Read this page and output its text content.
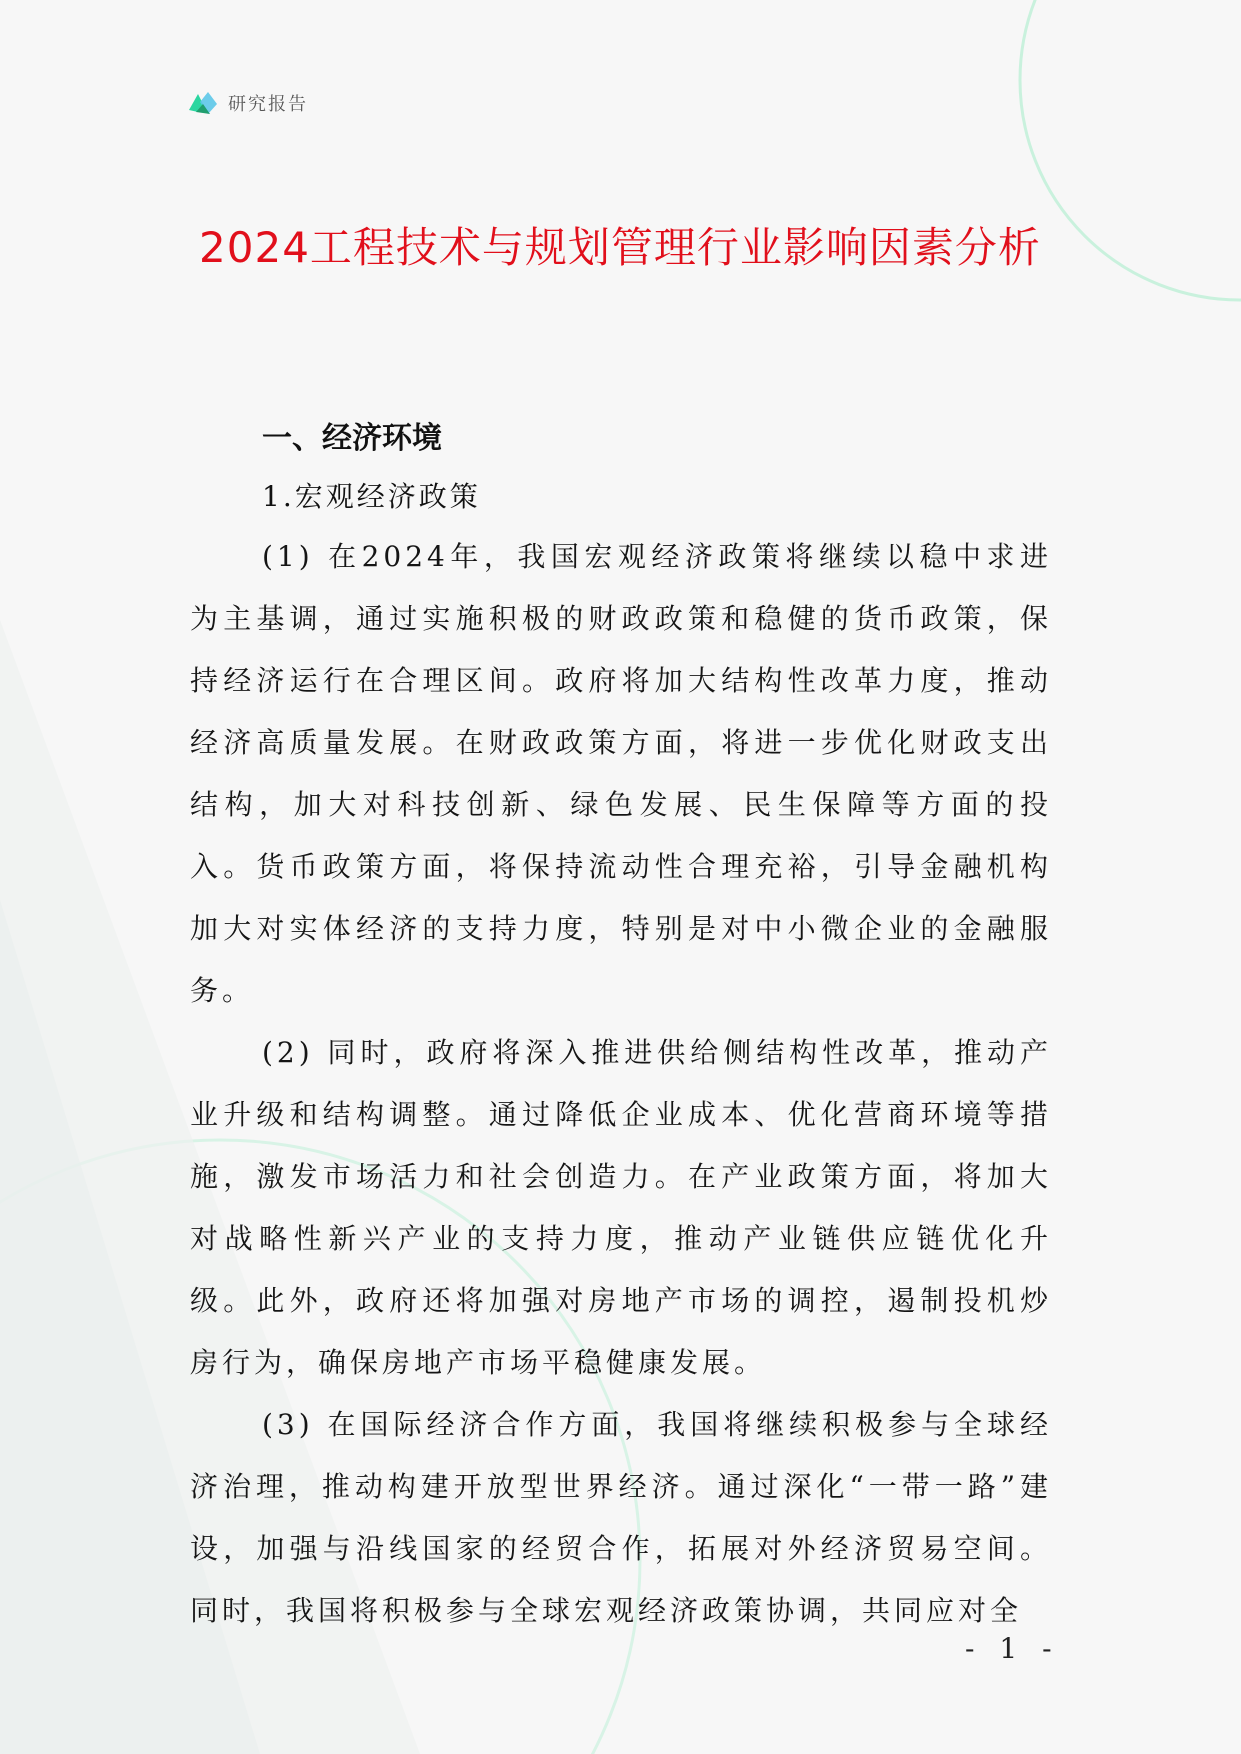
研究报告
2024工程技术与规划管理行业影响因素分析
一、经济环境
1.宏观经济政策

(1) 在2024年，我国宏观经济政策将继续以稳中求进为主基调，通过实施积极的财政政策和稳健的货币政策，保持经济运行在合理区间。政府将加大结构性改革力度，推动经济高质量发展。在财政政策方面，将进一步优化财政支出结构，加大对科技创新、绿色发展、民生保障等方面的投入。货币政策方面，将保持流动性合理充裕，引导金融机构加大对实体经济的支持力度，特别是对中小微企业的金融服务。

(2) 同时，政府将深入推进供给侧结构性改革，推动产业升级和结构调整。通过降低企业成本、优化营商环境等措施，激发市场活力和社会创造力。在产业政策方面，将加大对战略性新兴产业的支持力度，推动产业链供应链优化升级。此外，政府还将加强对房地产市场的调控，遏制投机炒房行为，确保房地产市场平稳健康发展。

(3) 在国际经济合作方面，我国将继续积极参与全球经济治理，推动构建开放型世界经济。通过深化“一带一路”建设，加强与沿线国家的经贸合作，拓展对外经济贸易空间。同时，我国将积极参与全球宏观经济政策协调，共同应对全

- 1 -
